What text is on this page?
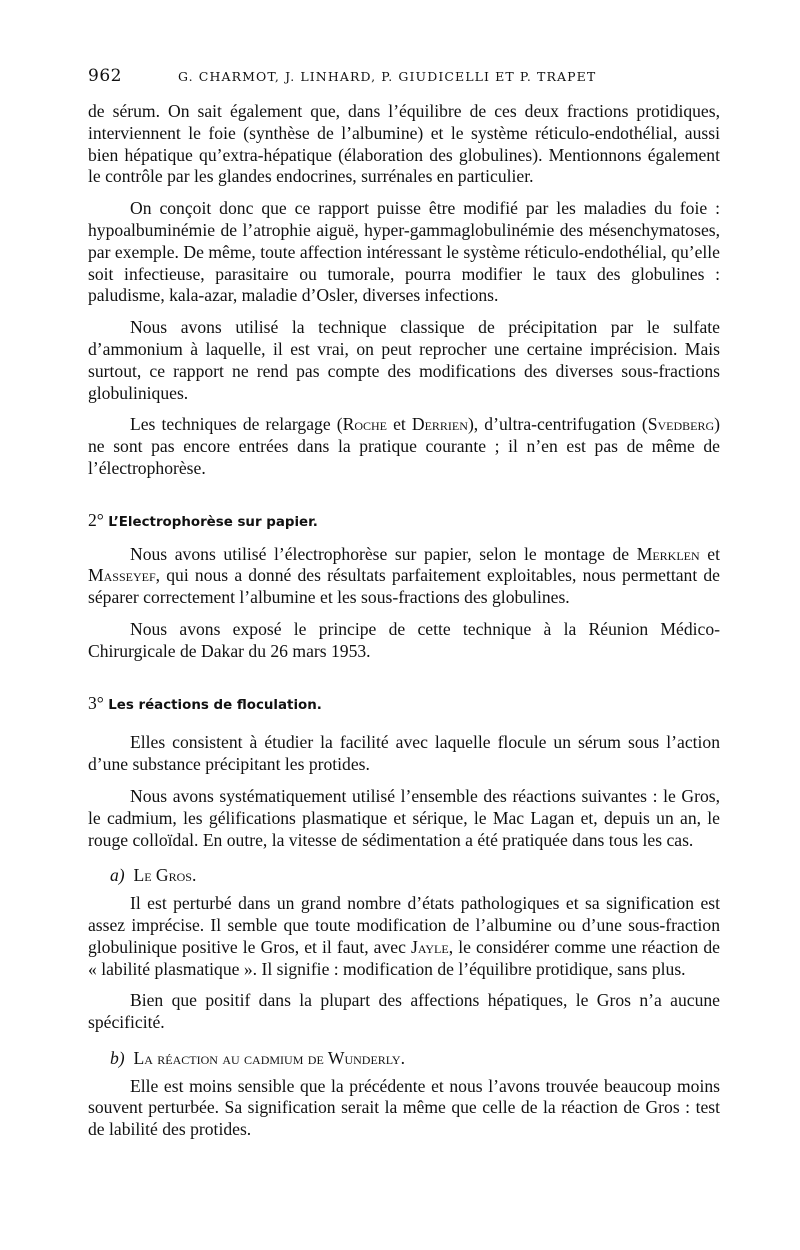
962	G. CHARMOT, J. LINHARD, P. GIUDICELLI ET P. TRAPET

de sérum. On sait également que, dans l’équilibre de ces deux fractions protidiques, interviennent le foie (synthèse de l’albumine) et le système réticulo-endothélial, aussi bien hépatique qu’extra-hépatique (élaboration des globulines). Mentionnons également le contrôle par les glandes endocrines, surrénales en particulier.

On conçoit donc que ce rapport puisse être modifié par les maladies du foie : hypoalbuminémie de l’atrophie aiguë, hyper-gammaglobulinémie des mésenchymatoses, par exemple. De même, toute affection intéressant le système réticulo-endothélial, qu’elle soit infectieuse, parasitaire ou tumorale, pourra modifier le taux des globulines : paludisme, kala-azar, maladie d’Osler, diverses infections.

Nous avons utilisé la technique classique de précipitation par le sulfate d’ammonium à laquelle, il est vrai, on peut reprocher une certaine imprécision. Mais surtout, ce rapport ne rend pas compte des modifications des diverses sous-fractions globuliniques.

Les techniques de relargage (Roche et Derrien), d’ultra-centrifugation (Svedberg) ne sont pas encore entrées dans la pratique courante ; il n’en est pas de même de l’électrophorèse.

2° L’Electrophorèse sur papier.

Nous avons utilisé l’électrophorèse sur papier, selon le montage de Merklen et Masseyef, qui nous a donné des résultats parfaitement exploitables, nous permettant de séparer correctement l’albumine et les sous-fractions des globulines.

Nous avons exposé le principe de cette technique à la Réunion Médico-Chirurgicale de Dakar du 26 mars 1953.

3° Les réactions de floculation.

Elles consistent à étudier la facilité avec laquelle flocule un sérum sous l’action d’une substance précipitant les protides.

Nous avons systématiquement utilisé l’ensemble des réactions suivantes : le Gros, le cadmium, les gélifications plasmatique et sérique, le Mac Lagan et, depuis un an, le rouge colloïdal. En outre, la vitesse de sédimentation a été pratiquée dans tous les cas.

a) Le Gros.

Il est perturbé dans un grand nombre d’états pathologiques et sa signification est assez imprécise. Il semble que toute modification de l’albumine ou d’une sous-fraction globulinique positive le Gros, et il faut, avec Jayle, le considérer comme une réaction de « labilité plasmatique ». Il signifie : modification de l’équilibre protidique, sans plus.

Bien que positif dans la plupart des affections hépatiques, le Gros n’a aucune spécificité.

b) La réaction au cadmium de Wunderly.

Elle est moins sensible que la précédente et nous l’avons trouvée beaucoup moins souvent perturbée. Sa signification serait la même que celle de la réaction de Gros : test de labilité des protides.
